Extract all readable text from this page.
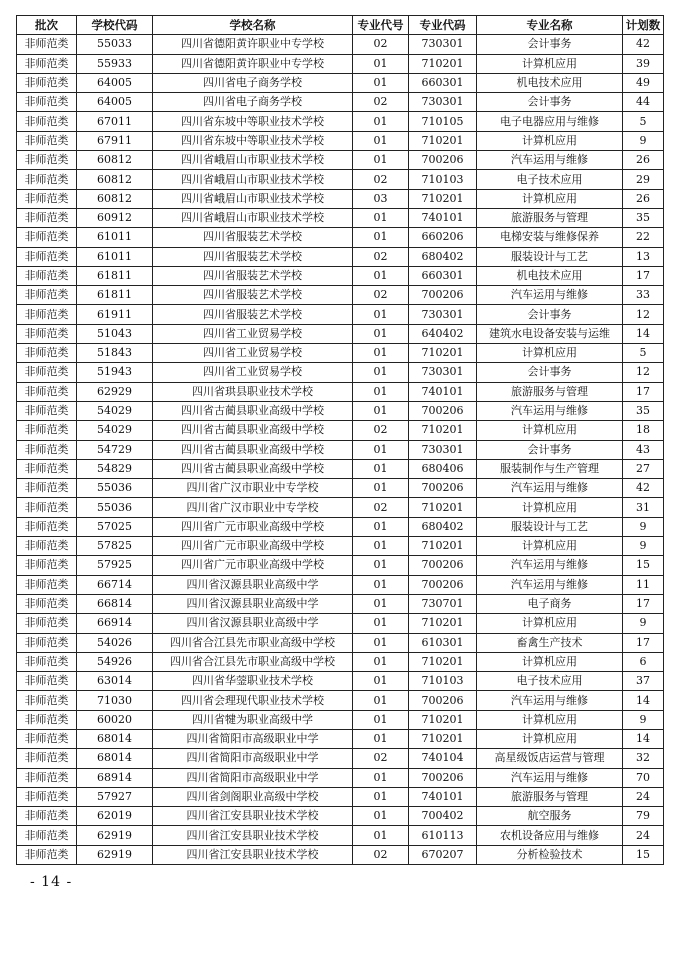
批次	学校代码	学校名称	专业代号	专业代码	专业名称	计划数
非师范类	55033	四川省德阳黄许职业中专学校	02	730301	会计事务	42
非师范类	55933	四川省德阳黄许职业中专学校	01	710201	计算机应用	39
非师范类	64005	四川省电子商务学校	01	660301	机电技术应用	49
非师范类	64005	四川省电子商务学校	02	730301	会计事务	44
非师范类	67011	四川省东坡中等职业技术学校	01	710105	电子电器应用与维修	5
非师范类	67911	四川省东坡中等职业技术学校	01	710201	计算机应用	9
非师范类	60812	四川省峨眉山市职业技术学校	01	700206	汽车运用与维修	26
非师范类	60812	四川省峨眉山市职业技术学校	02	710103	电子技术应用	29
非师范类	60812	四川省峨眉山市职业技术学校	03	710201	计算机应用	26
非师范类	60912	四川省峨眉山市职业技术学校	01	740101	旅游服务与管理	35
非师范类	61011	四川省服装艺术学校	01	660206	电梯安装与维修保养	22
非师范类	61011	四川省服装艺术学校	02	680402	服装设计与工艺	13
非师范类	61811	四川省服装艺术学校	01	660301	机电技术应用	17
非师范类	61811	四川省服装艺术学校	02	700206	汽车运用与维修	33
非师范类	61911	四川省服装艺术学校	01	730301	会计事务	12
非师范类	51043	四川省工业贸易学校	01	640402	建筑水电设备安装与运维	14
非师范类	51843	四川省工业贸易学校	01	710201	计算机应用	5
非师范类	51943	四川省工业贸易学校	01	730301	会计事务	12
非师范类	62929	四川省珙县职业技术学校	01	740101	旅游服务与管理	17
非师范类	54029	四川省古蔺县职业高级中学校	01	700206	汽车运用与维修	35
非师范类	54029	四川省古蔺县职业高级中学校	02	710201	计算机应用	18
非师范类	54729	四川省古蔺县职业高级中学校	01	730301	会计事务	43
非师范类	54829	四川省古蔺县职业高级中学校	01	680406	服装制作与生产管理	27
非师范类	55036	四川省广汉市职业中专学校	01	700206	汽车运用与维修	42
非师范类	55036	四川省广汉市职业中专学校	02	710201	计算机应用	31
非师范类	57025	四川省广元市职业高级中学校	01	680402	服装设计与工艺	9
非师范类	57825	四川省广元市职业高级中学校	01	710201	计算机应用	9
非师范类	57925	四川省广元市职业高级中学校	01	700206	汽车运用与维修	15
非师范类	66714	四川省汉源县职业高级中学	01	700206	汽车运用与维修	11
非师范类	66814	四川省汉源县职业高级中学	01	730701	电子商务	17
非师范类	66914	四川省汉源县职业高级中学	01	710201	计算机应用	9
非师范类	54026	四川省合江县先市职业高级中学校	01	610301	畜禽生产技术	17
非师范类	54926	四川省合江县先市职业高级中学校	01	710201	计算机应用	6
非师范类	63014	四川省华蓥职业技术学校	01	710103	电子技术应用	37
非师范类	71030	四川省会理现代职业技术学校	01	700206	汽车运用与维修	14
非师范类	60020	四川省犍为职业高级中学	01	710201	计算机应用	9
非师范类	68014	四川省简阳市高级职业中学	01	710201	计算机应用	14
非师范类	68014	四川省简阳市高级职业中学	02	740104	高星级饭店运营与管理	32
非师范类	68914	四川省简阳市高级职业中学	01	700206	汽车运用与维修	70
非师范类	57927	四川省剑阁职业高级中学校	01	740101	旅游服务与管理	24
非师范类	62019	四川省江安县职业技术学校	01	700402	航空服务	79
非师范类	62919	四川省江安县职业技术学校	01	610113	农机设备应用与维修	24
非师范类	62919	四川省江安县职业技术学校	02	670207	分析检验技术	15
- 14 -
